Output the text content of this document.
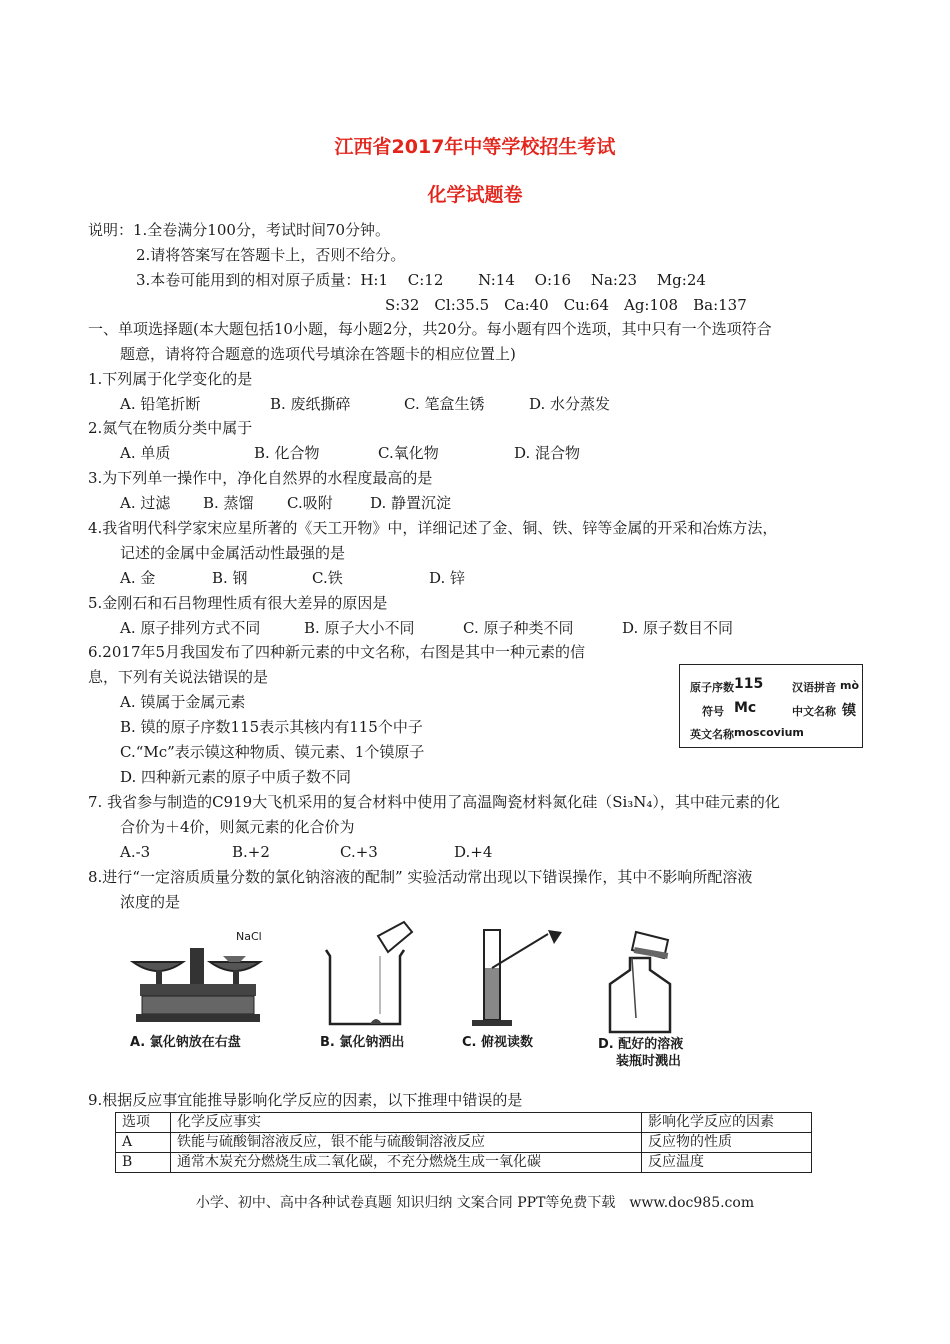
江西省2017年中等学校招生考试
化学试题卷
说明：1.全卷满分100分，考试时间70分钟。
2.请将答案写在答题卡上，否则不给分。
3.本卷可能用到的相对原子质量：H:1　 C:12　 　N:14　 O:16　 Na:23　 Mg:24
S:32　Cl:35.5　Ca:40　Cu:64　Ag:108　Ba:137
一、单项选择题(本大题包括10小题，每小题2分，共20分。每小题有四个选项，其中只有一个选项符合
题意，请将符合题意的选项代号填涂在答题卡的相应位置上)
1.下列属于化学变化的是
A. 铅笔折断	B. 废纸撕碎	C. 笔盒生锈	D. 水分蒸发
2.氮气在物质分类中属于
A. 单质	B. 化合物	C.氧化物	D. 混合物
3.为下列单一操作中，净化自然界的水程度最高的是
A. 过滤 B. 蒸馏 C.吸附 D. 静置沉淀
4.我省明代科学家宋应星所著的《天工开物》中，详细记述了金、铜、铁、锌等金属的开采和冶炼方法，
记述的金属中金属活动性最强的是
A. 金	B. 钢	C.铁	D. 锌
5.金刚石和石吕物理性质有很大差异的原因是
A. 原子排列方式不同	B. 原子大小不同	C. 原子种类不同	D. 原子数目不同
6.2017年5月我国发布了四种新元素的中文名称，右图是其中一种元素的信
息，下列有关说法错误的是
A. 镆属于金属元素
B. 镆的原子序数115表示其核内有115个中子
C.“Mc”表示镆这种物质、镆元素、1个镆原子
D. 四种新元素的原子中质子数不同
原子序数 115	汉语拼音 mò
符号 Mc	中文名称 镆
英文名称 moscovium
7. 我省参与制造的C919大飞机采用的复合材料中使用了高温陶瓷材料氮化硅（Si₃N₄），其中硅元素的化
合价为＋4价，则氮元素的化合价为
A.-3	B.+2	C.+3	D.+4
8.进行“一定溶质质量分数的氯化钠溶液的配制” 实验活动常出现以下错误操作，其中不影响所配溶液
浓度的是
NaCl
A. 氯化钠放在右盘	B. 氯化钠洒出	C. 俯视读数	D. 配好的溶液
装瓶时溅出
9.根据反应事宜能推导影响化学反应的因素，以下推理中错误的是
选项	化学反应事实	影响化学反应的因素
A	铁能与硫酸铜溶液反应，银不能与硫酸铜溶液反应	反应物的性质
B	通常木炭充分燃烧生成二氧化碳，不充分燃烧生成一氧化碳	反应温度
小学、初中、高中各种试卷真题 知识归纳 文案合同 PPT等免费下载　www.doc985.com
